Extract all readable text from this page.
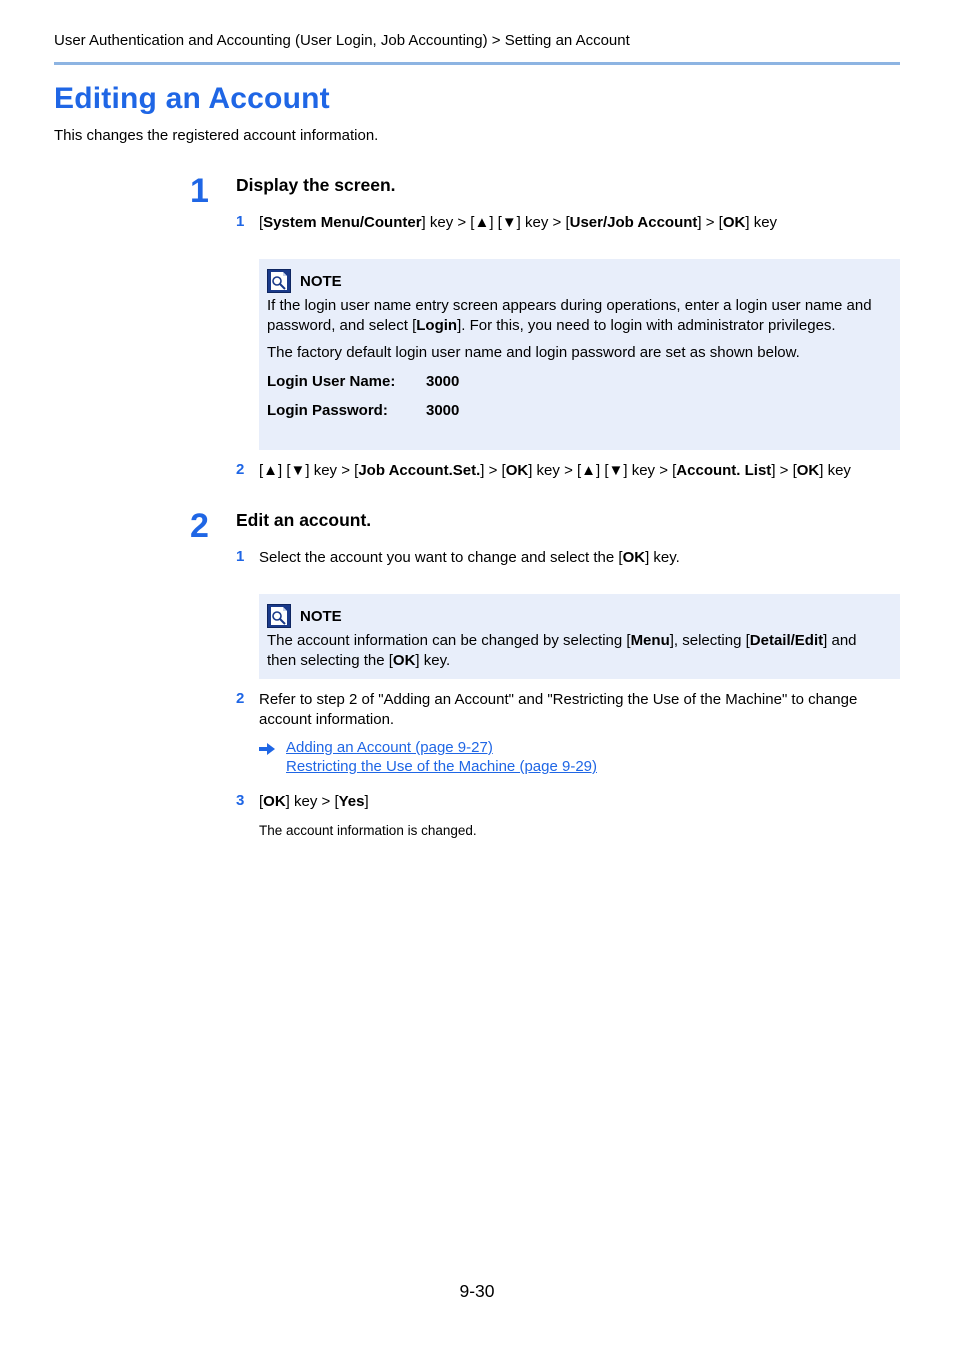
User Authentication and Accounting (User Login, Job Accounting) > Setting an Account
Editing an Account
This changes the registered account information.
1 Display the screen.
1 [System Menu/Counter] key > [▲] [▼] key > [User/Job Account] > [OK] key
NOTE

If the login user name entry screen appears during operations, enter a login user name and password, and select [Login]. For this, you need to login with administrator privileges.

The factory default login user name and login password are set as shown below.

Login User Name:	3000
Login Password:	3000
2 [▲] [▼] key > [Job Account.Set.] > [OK] key > [▲] [▼] key > [Account. List] > [OK] key
2 Edit an account.
1 Select the account you want to change and select the [OK] key.
NOTE

The account information can be changed by selecting [Menu], selecting [Detail/Edit] and then selecting the [OK] key.

2 Refer to step 2 of "Adding an Account" and "Restricting the Use of the Machine" to change account information.
Adding an Account (page 9-27)
Restricting the Use of the Machine (page 9-29)
3 [OK] key > [Yes]
The account information is changed.
9-30
